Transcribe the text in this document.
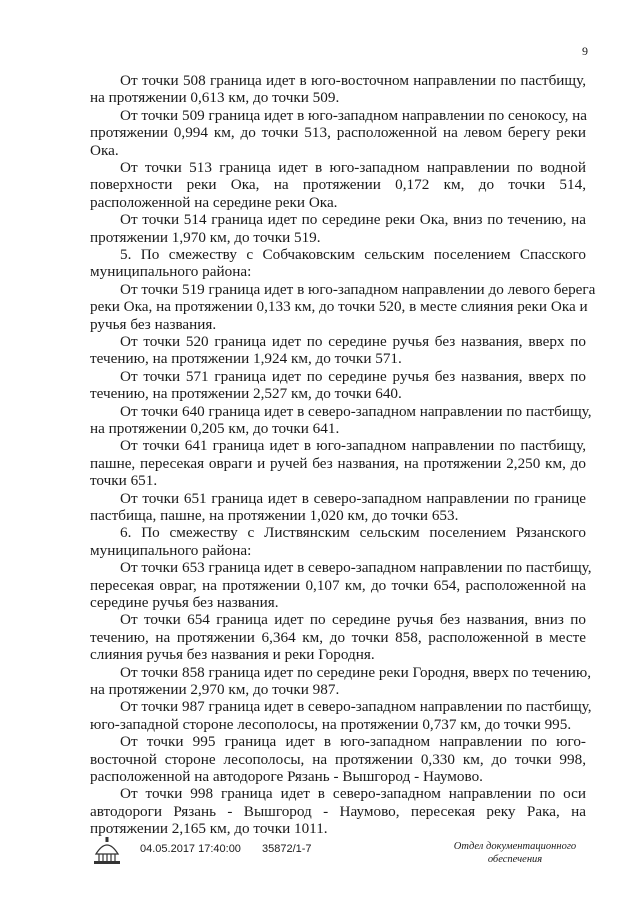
9
От точки 508 граница идет в юго-восточном направлении по пастбищу,
на протяжении 0,613 км, до точки 509.
От точки 509 граница идет в юго-западном направлении по сенокосу, на
протяжении 0,994 км, до точки 513, расположенной на левом берегу реки
Ока.
От точки 513 граница идет в юго-западном направлении по водной
поверхности реки Ока, на протяжении 0,172 км, до точки 514,
расположенной на середине реки Ока.
От точки 514 граница идет по середине реки Ока, вниз по течению, на
протяжении 1,970 км, до точки 519.
5. По смежеству с Собчаковским сельским поселением Спасского
муниципального района:
От точки 519 граница идет в юго-западном направлении до левого берега
реки Ока, на протяжении 0,133 км, до точки 520, в месте слияния реки Ока и
ручья без названия.
От точки 520 граница идет по середине ручья без названия, вверх по
течению, на протяжении 1,924 км, до точки 571.
От точки 571 граница идет по середине ручья без названия, вверх по
течению, на протяжении 2,527 км, до точки 640.
От точки 640 граница идет в северо-западном направлении по пастбищу,
на протяжении 0,205 км, до точки 641.
От точки 641 граница идет в юго-западном направлении по пастбищу,
пашне, пересекая овраги и ручей без названия, на протяжении 2,250 км, до
точки 651.
От точки 651 граница идет в северо-западном направлении по границе
пастбища, пашне, на протяжении 1,020 км, до точки 653.
6. По смежеству с Листвянским сельским поселением Рязанского
муниципального района:
От точки 653 граница идет в северо-западном направлении по пастбищу,
пересекая овраг, на протяжении 0,107 км, до точки 654, расположенной на
середине ручья без названия.
От точки 654 граница идет по середине ручья без названия, вниз по
течению, на протяжении 6,364 км, до точки 858, расположенной в месте
слияния ручья без названия и реки Городня.
От точки 858 граница идет по середине реки Городня, вверх по течению,
на протяжении 2,970 км, до точки 987.
От точки 987 граница идет в северо-западном направлении по пастбищу,
юго-западной стороне лесополосы, на протяжении 0,737 км, до точки 995.
От точки 995 граница идет в юго-западном направлении по юго-
восточной стороне лесополосы, на протяжении 0,330 км, до точки 998,
расположенной на автодороге Рязань - Вышгород - Наумово.
От точки 998 граница идет в северо-западном направлении по оси
автодороги Рязань - Вышгород - Наумово, пересекая реку Рака, на
протяжении 2,165 км, до точки 1011.
04.05.2017 17:40:00 35872/1-7	Отдел документационного
обеспечения
